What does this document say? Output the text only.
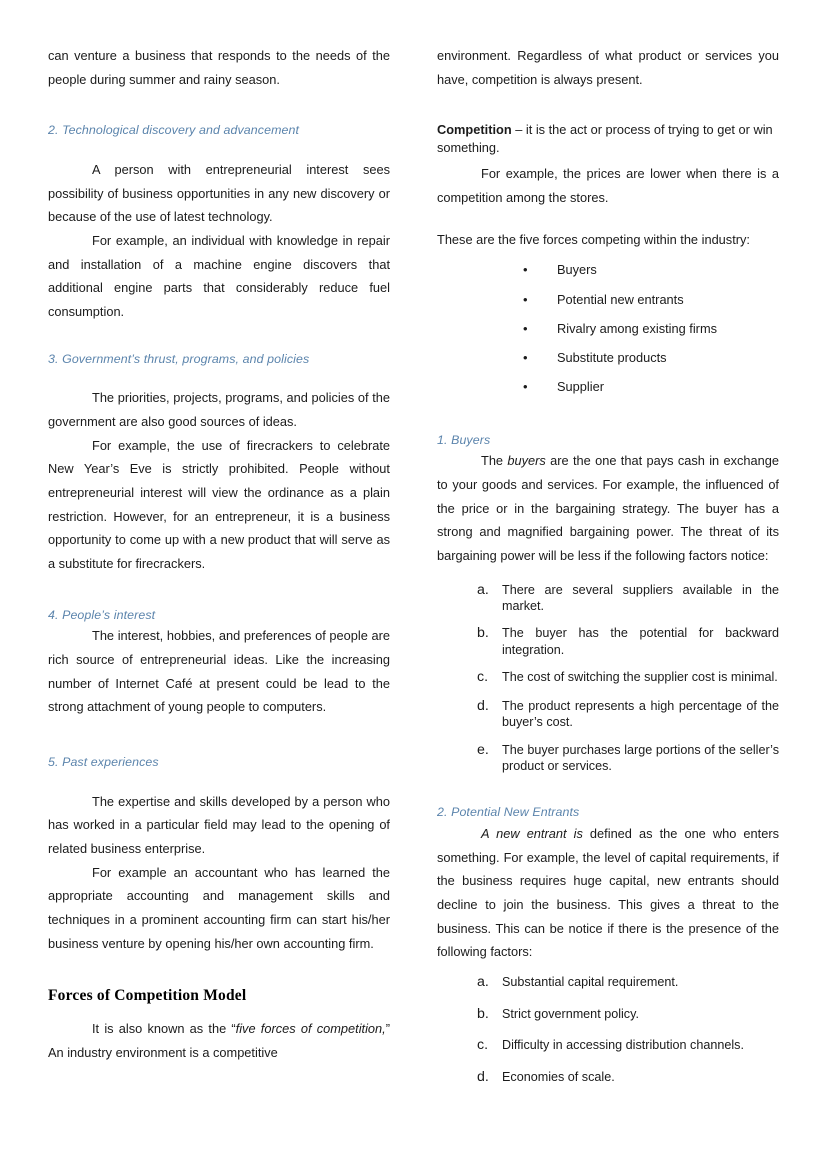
can venture a business that responds to the needs of the people during summer and rainy season.

2. Technological discovery and advancement

A person with entrepreneurial interest sees possibility of business opportunities in any new discovery or because of the use of latest technology.

For example, an individual with knowledge in repair and installation of a machine engine discovers that additional engine parts that considerably reduce fuel consumption.

3. Government’s thrust, programs, and policies

The priorities, projects, programs, and policies of the government are also good sources of ideas.

For example, the use of firecrackers to celebrate New Year’s Eve is strictly prohibited. People without entrepreneurial interest will view the ordinance as a plain restriction. However, for an entrepreneur, it is a business opportunity to come up with a new product that will serve as a substitute for firecrackers.

4. People’s interest

The interest, hobbies, and preferences of people are rich source of entrepreneurial ideas. Like the increasing number of Internet Café at present could be lead to the strong attachment of young people to computers.

5. Past experiences

The expertise and skills developed by a person who has worked in a particular field may lead to the opening of related business enterprise.

For example an accountant who has learned the appropriate accounting and management skills and techniques in a prominent accounting firm can start his/her business venture by opening his/her own accounting firm.

Forces of Competition Model

It is also known as the “five forces of competition,” An industry environment is a competitive

environment. Regardless of what product or services you have, competition is always present.

Competition – it is the act or process of trying to get or win something.

For example, the prices are lower when there is a competition among the stores.

These are the five forces competing within the industry:

•	Buyers
•	Potential new entrants
•	Rivalry among existing firms
•	Substitute products
•	Supplier
1. Buyers

The buyers are the one that pays cash in exchange to your goods and services. For example, the influenced of the price or in the bargaining strategy. The buyer has a strong and magnified bargaining power. The threat of its bargaining power will be less if the following factors notice:

a.	There are several suppliers available in the market.
b.	The buyer has the potential for backward integration.
c.	The cost of switching the supplier cost is minimal.
d.	The product represents a high percentage of the buyer’s cost.
e.	The buyer purchases large portions of the seller’s product or services.
2. Potential New Entrants

A new entrant is defined as the one who enters something. For example, the level of capital requirements, if the business requires huge capital, new entrants should decline to join the business. This gives a threat to the business. This can be notice if there is the presence of the following factors:

a.	Substantial capital requirement.
b.	Strict government policy.
c.	Difficulty in accessing distribution channels.
d.	Economies of scale.
